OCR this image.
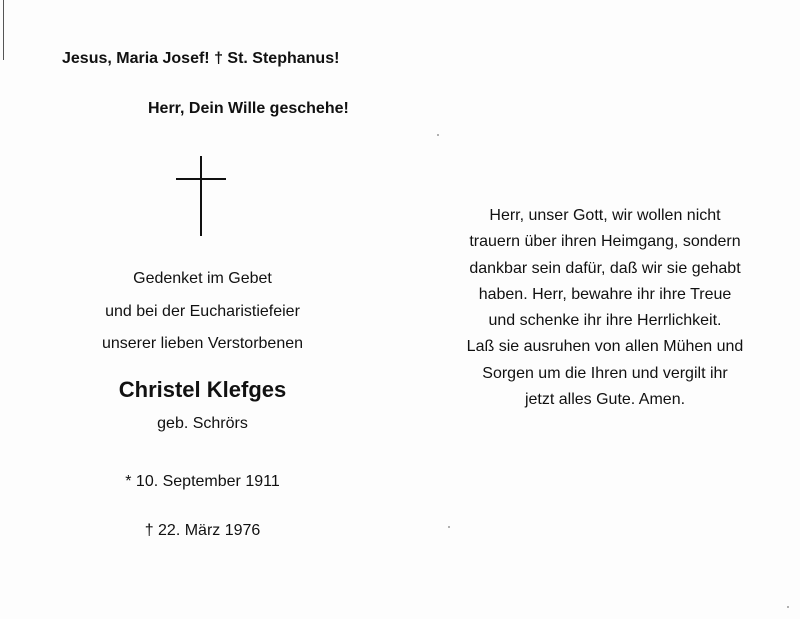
Jesus, Maria Josef! † St. Stephanus!
Herr, Dein Wille geschehe!
Gedenket im Gebet
und bei der Eucharistiefeier
unserer lieben Verstorbenen
Christel Klefges
geb. Schrörs
* 10. September 1911
† 22. März 1976
Herr, unser Gott, wir wollen nicht
trauern über ihren Heimgang, sondern
dankbar sein dafür, daß wir sie gehabt
haben. Herr, bewahre ihr ihre Treue
und schenke ihr ihre Herrlichkeit.
Laß sie ausruhen von allen Mühen und
Sorgen um die Ihren und vergilt ihr
jetzt alles Gute. Amen.
